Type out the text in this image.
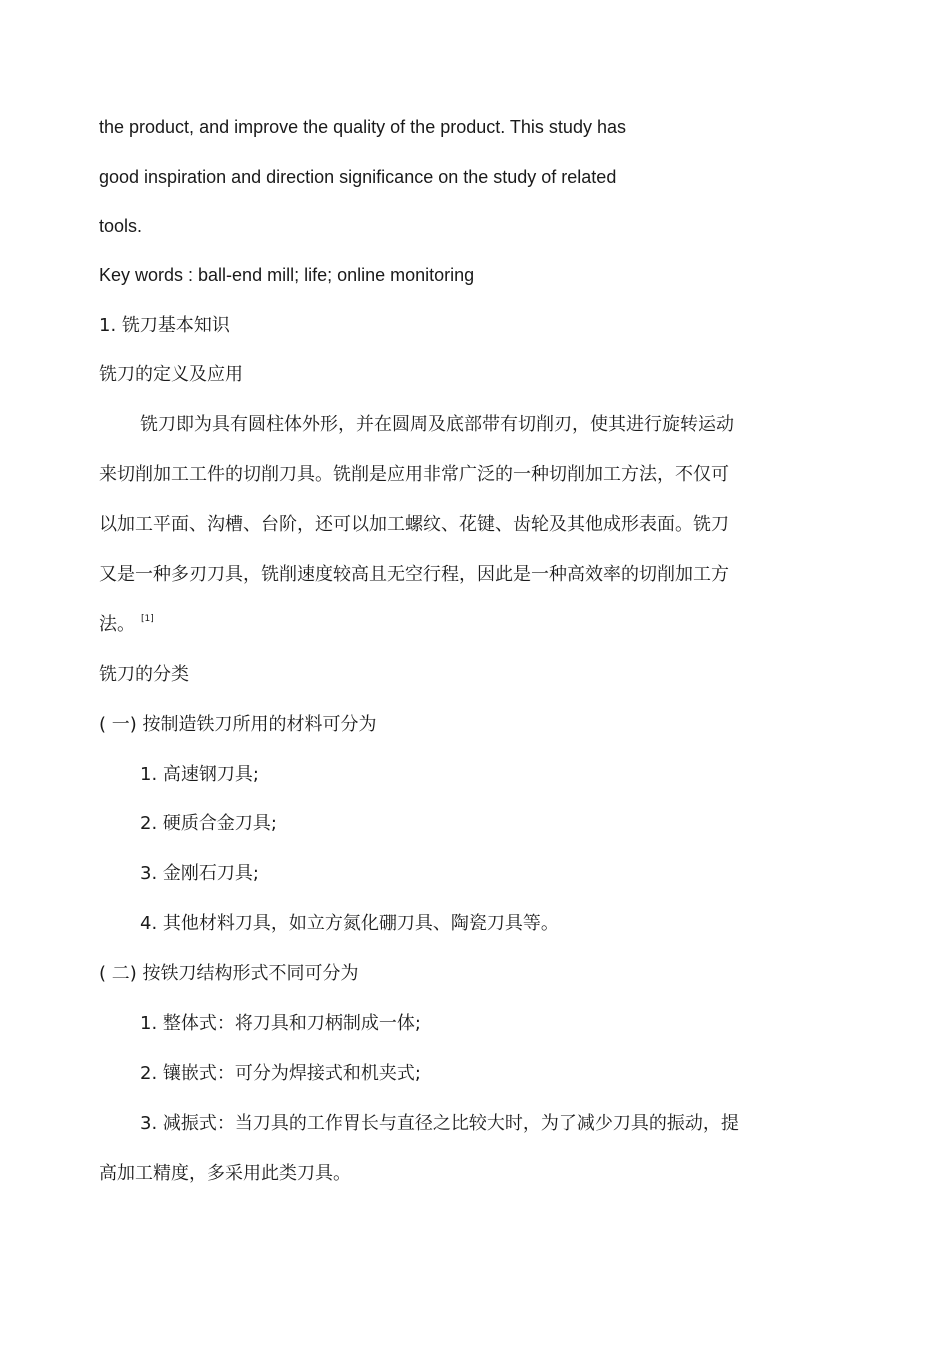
the product, and improve the quality of the product. This study has
good inspiration and direction significance on the study of related
tools.
Key words : ball-end mill; life; online monitoring
1. 铣刀基本知识
铣刀的定义及应用
铣刀即为具有圆柱体外形，并在圆周及底部带有切削刃，使其进行旋转运动
来切削加工工件的切削刀具。铣削是应用非常广泛的一种切削加工方法，不仅可
以加工平面、沟槽、台阶，还可以加工螺纹、花键、齿轮及其他成形表面。铣刀
又是一种多刃刀具，铣削速度较高且无空行程，因此是一种高效率的切削加工方
法。 [1]
铣刀的分类
( 一) 按制造铁刀所用的材料可分为
1. 高速钢刀具;
2. 硬质合金刀具;
3. 金刚石刀具;
4. 其他材料刀具，如立方氮化硼刀具、陶瓷刀具等。
( 二) 按铁刀结构形式不同可分为
1. 整体式：将刀具和刀柄制成一体;
2. 镶嵌式：可分为焊接式和机夹式;
3. 减振式：当刀具的工作胃长与直径之比较大时，为了减少刀具的振动，提
高加工精度，多采用此类刀具。
